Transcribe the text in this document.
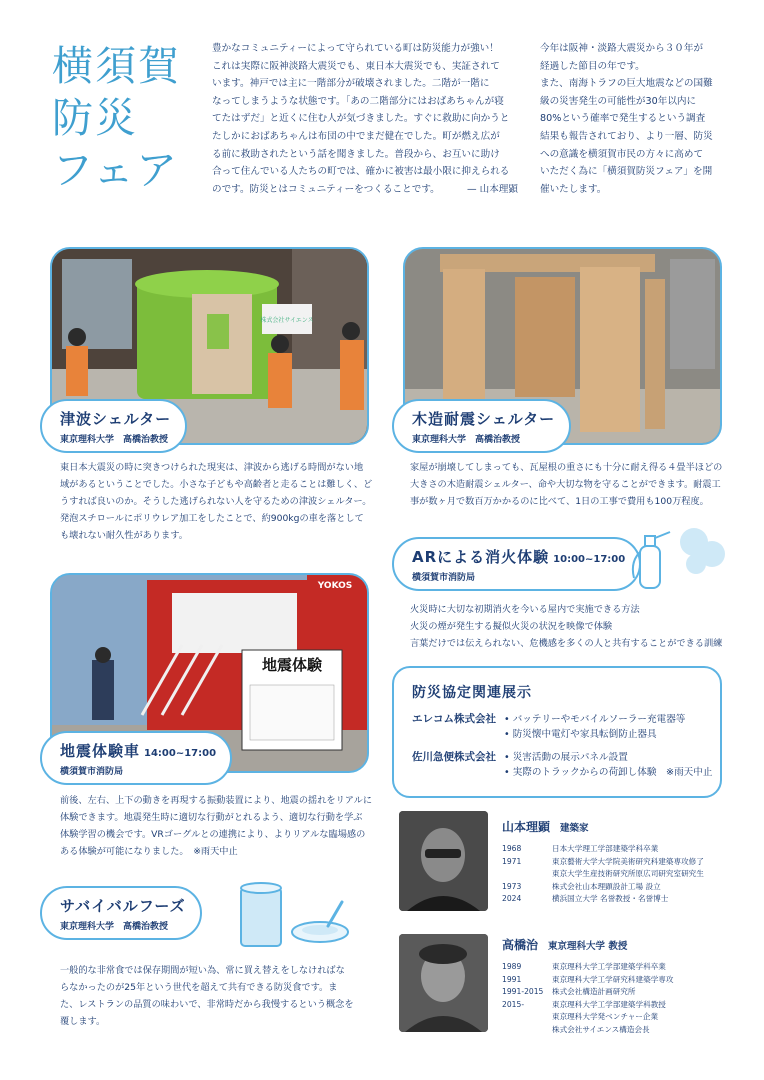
横須賀
防災
フェア

豊かなコミュニティーによって守られている町は防災能力が強い！

これは実際に阪神淡路大震災でも、東日本大震災でも、実証されて

います。神戸では主に一階部分が破壊されました。二階が一階に

なってしまうような状態です。「あの二階部分にはおばあちゃんが寝

てたはずだ」と近くに住む人が気づきました。すぐに救助に向かうと

たしかにおばあちゃんは布団の中でまだ健在でした。町が燃え広が

る前に救助されたという話を聞きました。普段から、お互いに助け

合って住んでいる人たちの町では、確かに被害は最小限に抑えられる

のです。防災とはコミュニティーをつくることです。	— 山本理顕

今年は阪神・淡路大震災から３０年が

経過した節目の年です。

また、南海トラフの巨大地震などの国難

級の災害発生の可能性が30年以内に

80%という確率で発生するという調査

結果も報告されており、より一層、防災

への意識を横須賀市民の方々に高めて

いただく為に「横須賀防災フェア」を開

催いたします。

株式会社サイエンス
津波シェルター
東京理科大学　高橋治教授
東日本大震災の時に突きつけられた現実は、津波から逃げる時間がない地
域があるということでした。小さな子どもや高齢者と走ることは難しく、ど
うすれば良いのか。そうした逃げられない人を守るための津波シェルター。
発泡スチロールにポリウレア加工をしたことで、約900kgの車を落として
も壊れない耐久性があります。
木造耐震シェルター
東京理科大学　高橋治教授
家屋が崩壊してしまっても、瓦屋根の重さにも十分に耐え得る４畳半ほどの
大きさの木造耐震シェルター、命や大切な物を守ることができます。耐震工
事が数ヶ月で数百万かかるのに比べて、1日の工事で費用も100万程度。
ARによる消火体験 10:00~17:00
横須賀市消防局
火災時に大切な初期消火を今いる屋内で実施できる方法
火災の煙が発生する擬似火災の状況を映像で体験
言葉だけでは伝えられない、危機感を多くの人と共有することができる訓練
YOKOS
地震体験
地震体験車 14:00~17:00
横須賀市消防局
前後、左右、上下の動きを再現する振動装置により、地震の揺れをリアルに
体験できます。地震発生時に適切な行動がとれるよう、適切な行動を学ぶ
体験学習の機会です。VRゴーグルとの連携により、よりリアルな臨場感の
ある体験が可能になりました。　 ※雨天中止
防災協定関連展示
エレコム株式会社 • バッテリーやモバイルソーラー充電器等
• 防災懐中電灯や家具転倒防止器具
佐川急便株式会社 • 災害活動の展示パネル設置
• 実際のトラックからの荷卸し体験　※雨天中止
サバイバルフーズ
東京理科大学　高橋治教授
一般的な非常食では保存期間が短い為、常に買え替えをしなければな
らなかったのが25年という世代を超えて共有できる防災食です。ま
た、レストランの品質の味わいで、非常時だから我慢するという概念を
覆します。
山本理顕 建築家
1968	日本大学理工学部建築学科卒業
1971	東京藝術大学大学院美術研究科建築専攻修了
東京大学生産技術研究所原広司研究室研究生
1973	株式会社山本理顕設計工場 設立
2024	横浜国立大学 名誉教授・名誉博士
高橋治 東京理科大学 教授
1989	東京理科大学工学部建築学科卒業
1991	東京理科大学工学研究科建築学専攻
1991-2015	株式会社構造計画研究所
2015-	東京理科大学工学部建築学科教授
東京理科大学発ベンチャー企業
株式会社サイエンス構造会長
